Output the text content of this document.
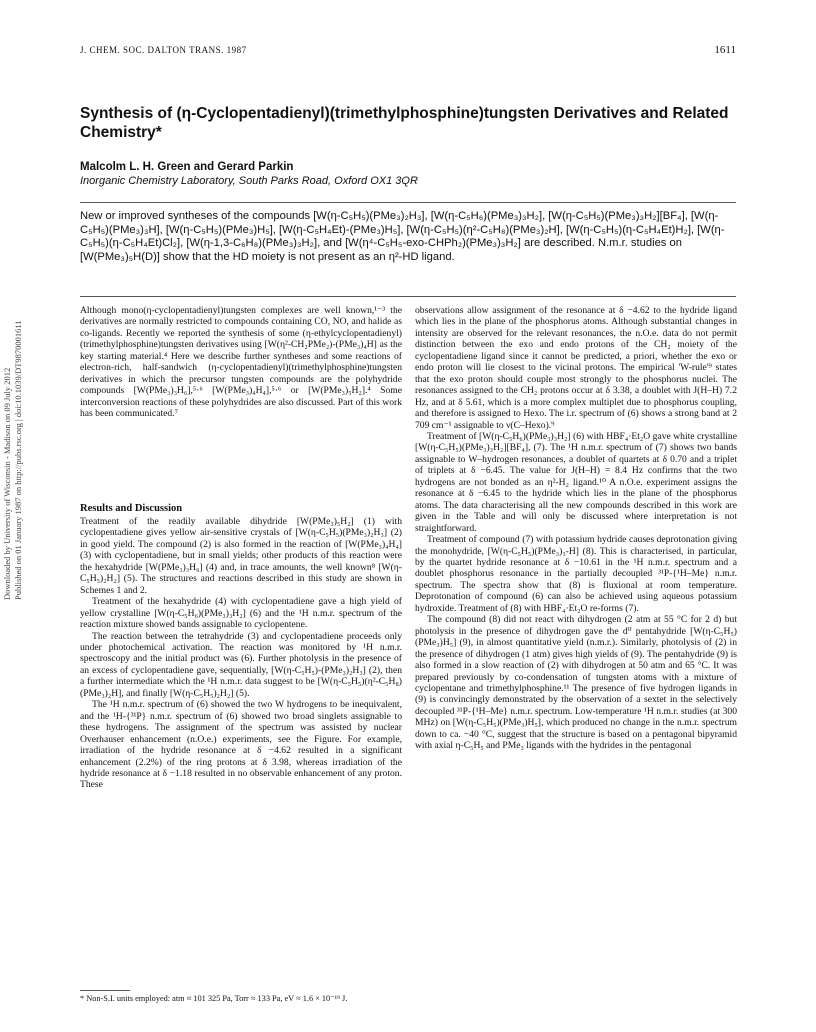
J. CHEM. SOC. DALTON TRANS. 1987	1611
Downloaded by University of Wisconsin - Madison on 09 July 2012 Published on 01 January 1987 on http://pubs.rsc.org | doi:10.1039/DT9870001611
Synthesis of (η-Cyclopentadienyl)(trimethylphosphine)tungsten Derivatives and Related Chemistry*
Malcolm L. H. Green and Gerard Parkin
Inorganic Chemistry Laboratory, South Parks Road, Oxford OX1 3QR
New or improved syntheses of the compounds [W(η-C₅H₅)(PMe₃)₂H₃], [W(η-C₅H₆)(PMe₃)₃H₂], [W(η-C₅H₅)(PMe₃)₃H₂][BF₄], [W(η-C₅H₅)(PMe₃)₃H], [W(η-C₅H₅)(PMe₃)H₅], [W(η-C₅H₄Et)-(PMe₃)H₅], [W(η-C₅H₅)(η²-C₅H₈)(PMe₃)₂H], [W(η-C₅H₅)(η-C₅H₄Et)H₂], [W(η-C₅H₅)(η-C₅H₄Et)Cl₂], [W(η-1,3-C₆H₈)(PMe₃)₃H₂], and [W(η⁴-C₅H₅-exo-CHPh₂)(PMe₃)₃H₂] are described. N.m.r. studies on [W(PMe₃)₅H(D)] show that the HD moiety is not present as an η²-HD ligand.

Although mono(η-cyclopentadienyl)tungsten complexes are well known,¹⁻³ the derivatives are normally restricted to compounds containing CO, NO, and halide as co-ligands. Recently we reported the synthesis of some (η-ethylcyclopentadienyl)(trimethylphosphine)tungsten derivatives using [W(η²-CH₂PMe₂)-(PMe₃)₄H] as the key starting material.⁴ Here we describe further syntheses and some reactions of electron-rich, half-sandwich (η-cyclopentadienyl)(trimethylphosphine)tungsten derivatives in which the precursor tungsten compounds are the polyhydride compounds [W(PMe₃)₃H₆],⁵·⁶ [W(PMe₃)₄H₄],⁵·⁶ or [W(PMe₃)₅H₂].⁴ Some interconversion reactions of these polyhydrides are also discussed. Part of this work has been communicated.⁷

Results and Discussion

Treatment of the readily available dihydride [W(PMe₃)₅H₂] (1) with cyclopentadiene gives yellow air-sensitive crystals of [W(η-C₅H₅)(PMe₃)₂H₃] (2) in good yield. The compound (2) is also formed in the reaction of [W(PMe₃)₄H₄] (3) with cyclopentadiene, but in small yields; other products of this reaction were the hexahydride [W(PMe₃)₃H₆] (4) and, in trace amounts, the well known⁸ [W(η-C₅H₅)₂H₂] (5). The structures and reactions described in this study are shown in Schemes 1 and 2.

Treatment of the hexahydride (4) with cyclopentadiene gave a high yield of yellow crystalline [W(η-C₅H₆)(PMe₃)₃H₂] (6) and the ¹H n.m.r. spectrum of the reaction mixture showed bands assignable to cyclopentene.

The reaction between the tetrahydride (3) and cyclopentadiene proceeds only under photochemical activation. The reaction was monitored by ¹H n.m.r. spectroscopy and the initial product was (6). Further photolysis in the presence of an excess of cyclopentadiene gave, sequentially, [W(η-C₅H₅)-(PMe₃)₂H₃] (2), then a further intermediate which the ¹H n.m.r. data suggest to be [W(η-C₅H₅)(η²-C₅H₈)(PMe₃)₂H], and finally [W(η-C₅H₅)₂H₂] (5).

The ¹H n.m.r. spectrum of (6) showed the two W hydrogens to be inequivalent, and the ¹H-{³¹P} n.m.r. spectrum of (6) showed two broad singlets assignable to these hydrogens. The assignment of the spectrum was assisted by nuclear Overhauser enhancement (n.O.e.) experiments, see the Figure. For example, irradiation of the hydride resonance at δ −4.62 resulted in a significant enhancement (2.2%) of the ring protons at δ 3.98, whereas irradiation of the hydride resonance at δ −1.18 resulted in no observable enhancement of any proton. These

observations allow assignment of the resonance at δ −4.62 to the hydride ligand which lies in the plane of the phosphorus atoms. Although substantial changes in intensity are observed for the relevant resonances, the n.O.e. data do not permit distinction between the exo and endo protons of the CH₂ moiety of the cyclopentadiene ligand since it cannot be predicted, a priori, whether the exo or endo proton will lie closest to the vicinal protons. The empirical 'W-rule'⁹ states that the exo proton should couple most strongly to the phosphorus nuclei. The resonances assigned to the CH₂ protons occur at δ 3.38, a doublet with J(H–H) 7.2 Hz, and at δ 5.61, which is a more complex multiplet due to phosphorus coupling, and therefore is assigned to Hexo. The i.r. spectrum of (6) shows a strong band at 2 709 cm⁻¹ assignable to ν(C–Hexo).⁹

Treatment of [W(η-C₅H₆)(PMe₃)₃H₂] (6) with HBF₄·Et₂O gave white crystalline [W(η-C₅H₅)(PMe₃)₃H₂][BF₄], (7). The ¹H n.m.r. spectrum of (7) shows two bands assignable to W–hydrogen resonances, a doublet of quartets at δ 0.70 and a triplet of triplets at δ −6.45. The value for J(H–H) = 8.4 Hz confirms that the two hydrogens are not bonded as an η²-H₂ ligand.¹⁰ A n.O.e. experiment assigns the resonance at δ −6.45 to the hydride which lies in the plane of the phosphorus atoms. The data characterising all the new compounds described in this work are given in the Table and will only be discussed where interpretation is not straightforward.

Treatment of compound (7) with potassium hydride causes deprotonation giving the monohydride, [W(η-C₅H₅)(PMe₃)₃-H] (8). This is characterised, in particular, by the quartet hydride resonance at δ −10.61 in the ¹H n.m.r. spectrum and a doublet phosphorus resonance in the partially decoupled ³¹P-{¹H–Me} n.m.r. spectrum. The spectra show that (8) is fluxional at room temperature. Deprotonation of compound (6) can also be achieved using aqueous potassium hydroxide. Treatment of (8) with HBF₄·Et₂O re-forms (7).

The compound (8) did not react with dihydrogen (2 atm at 55 °C for 2 d) but photolysis in the presence of dihydrogen gave the d⁰ pentahydride [W(η-C₅H₅)(PMe₃)H₅] (9), in almost quantitative yield (n.m.r.). Similarly, photolysis of (2) in the presence of dihydrogen (1 atm) gives high yields of (9). The pentahydride (9) is also formed in a slow reaction of (2) with dihydrogen at 50 atm and 65 °C. It was prepared previously by co-condensation of tungsten atoms with a mixture of cyclopentane and trimethylphosphine.¹¹ The presence of five hydrogen ligands in (9) is convincingly demonstrated by the observation of a sextet in the selectively decoupled ³¹P-{¹H–Me} n.m.r. spectrum. Low-temperature ¹H n.m.r. studies (at 300 MHz) on [W(η-C₅H₅)(PMe₃)H₅], which produced no change in the n.m.r. spectrum down to ca. −40 °C, suggest that the structure is based on a pentagonal bipyramid with axial η-C₅H₅ and PMe₃ ligands with the hydrides in the pentagonal

* Non-S.I. units employed: atm ≈ 101 325 Pa, Torr ≈ 133 Pa, eV ≈ 1.6 × 10⁻¹⁹ J.
